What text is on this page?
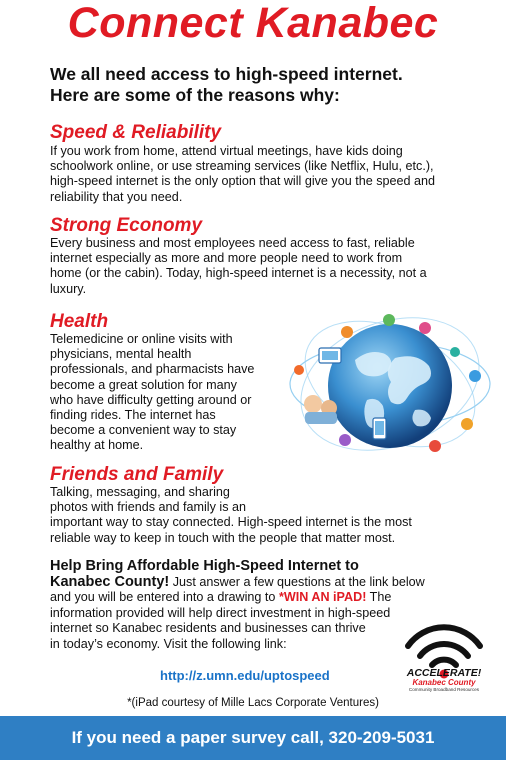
Connect Kanabec
We all need access to high-speed internet.
Here are some of the reasons why:
Speed & Reliability
If you work from home, attend virtual meetings, have kids doing
schoolwork online, or use streaming services (like Netflix, Hulu, etc.),
high-speed internet is the only option that will give you the speed and
reliability that you need.
Strong Economy
Every business and most employees need access to fast, reliable
internet especially as more and more people need to work from
home (or the cabin). Today, high-speed internet is a necessity, not a
luxury.
Health
Telemedicine or online visits with
physicians, mental health
professionals, and pharmacists have
become a great solution for many
who have difficulty getting around or
finding rides. The internet has
become a convenient way to stay
healthy at home.
Friends and Family
Talking, messaging, and sharing
photos with friends and family is an
important way to stay connected. High-speed internet is the most
reliable way to keep in touch with the people that matter most.
Help Bring Affordable High-Speed Internet to
Kanabec County! Just answer a few questions at the link below
and you will be entered into a drawing to *WIN AN iPAD! The
information provided will help direct investment in high-speed
internet so Kanabec residents and businesses can thrive
in today’s economy. Visit the following link:
http://z.umn.edu/uptospeed	ACCELERATE!
Kanabec County
Community Broadband Resources
*(iPad courtesy of Mille Lacs Corporate Ventures)
If you need a paper survey call, 320-209-5031
